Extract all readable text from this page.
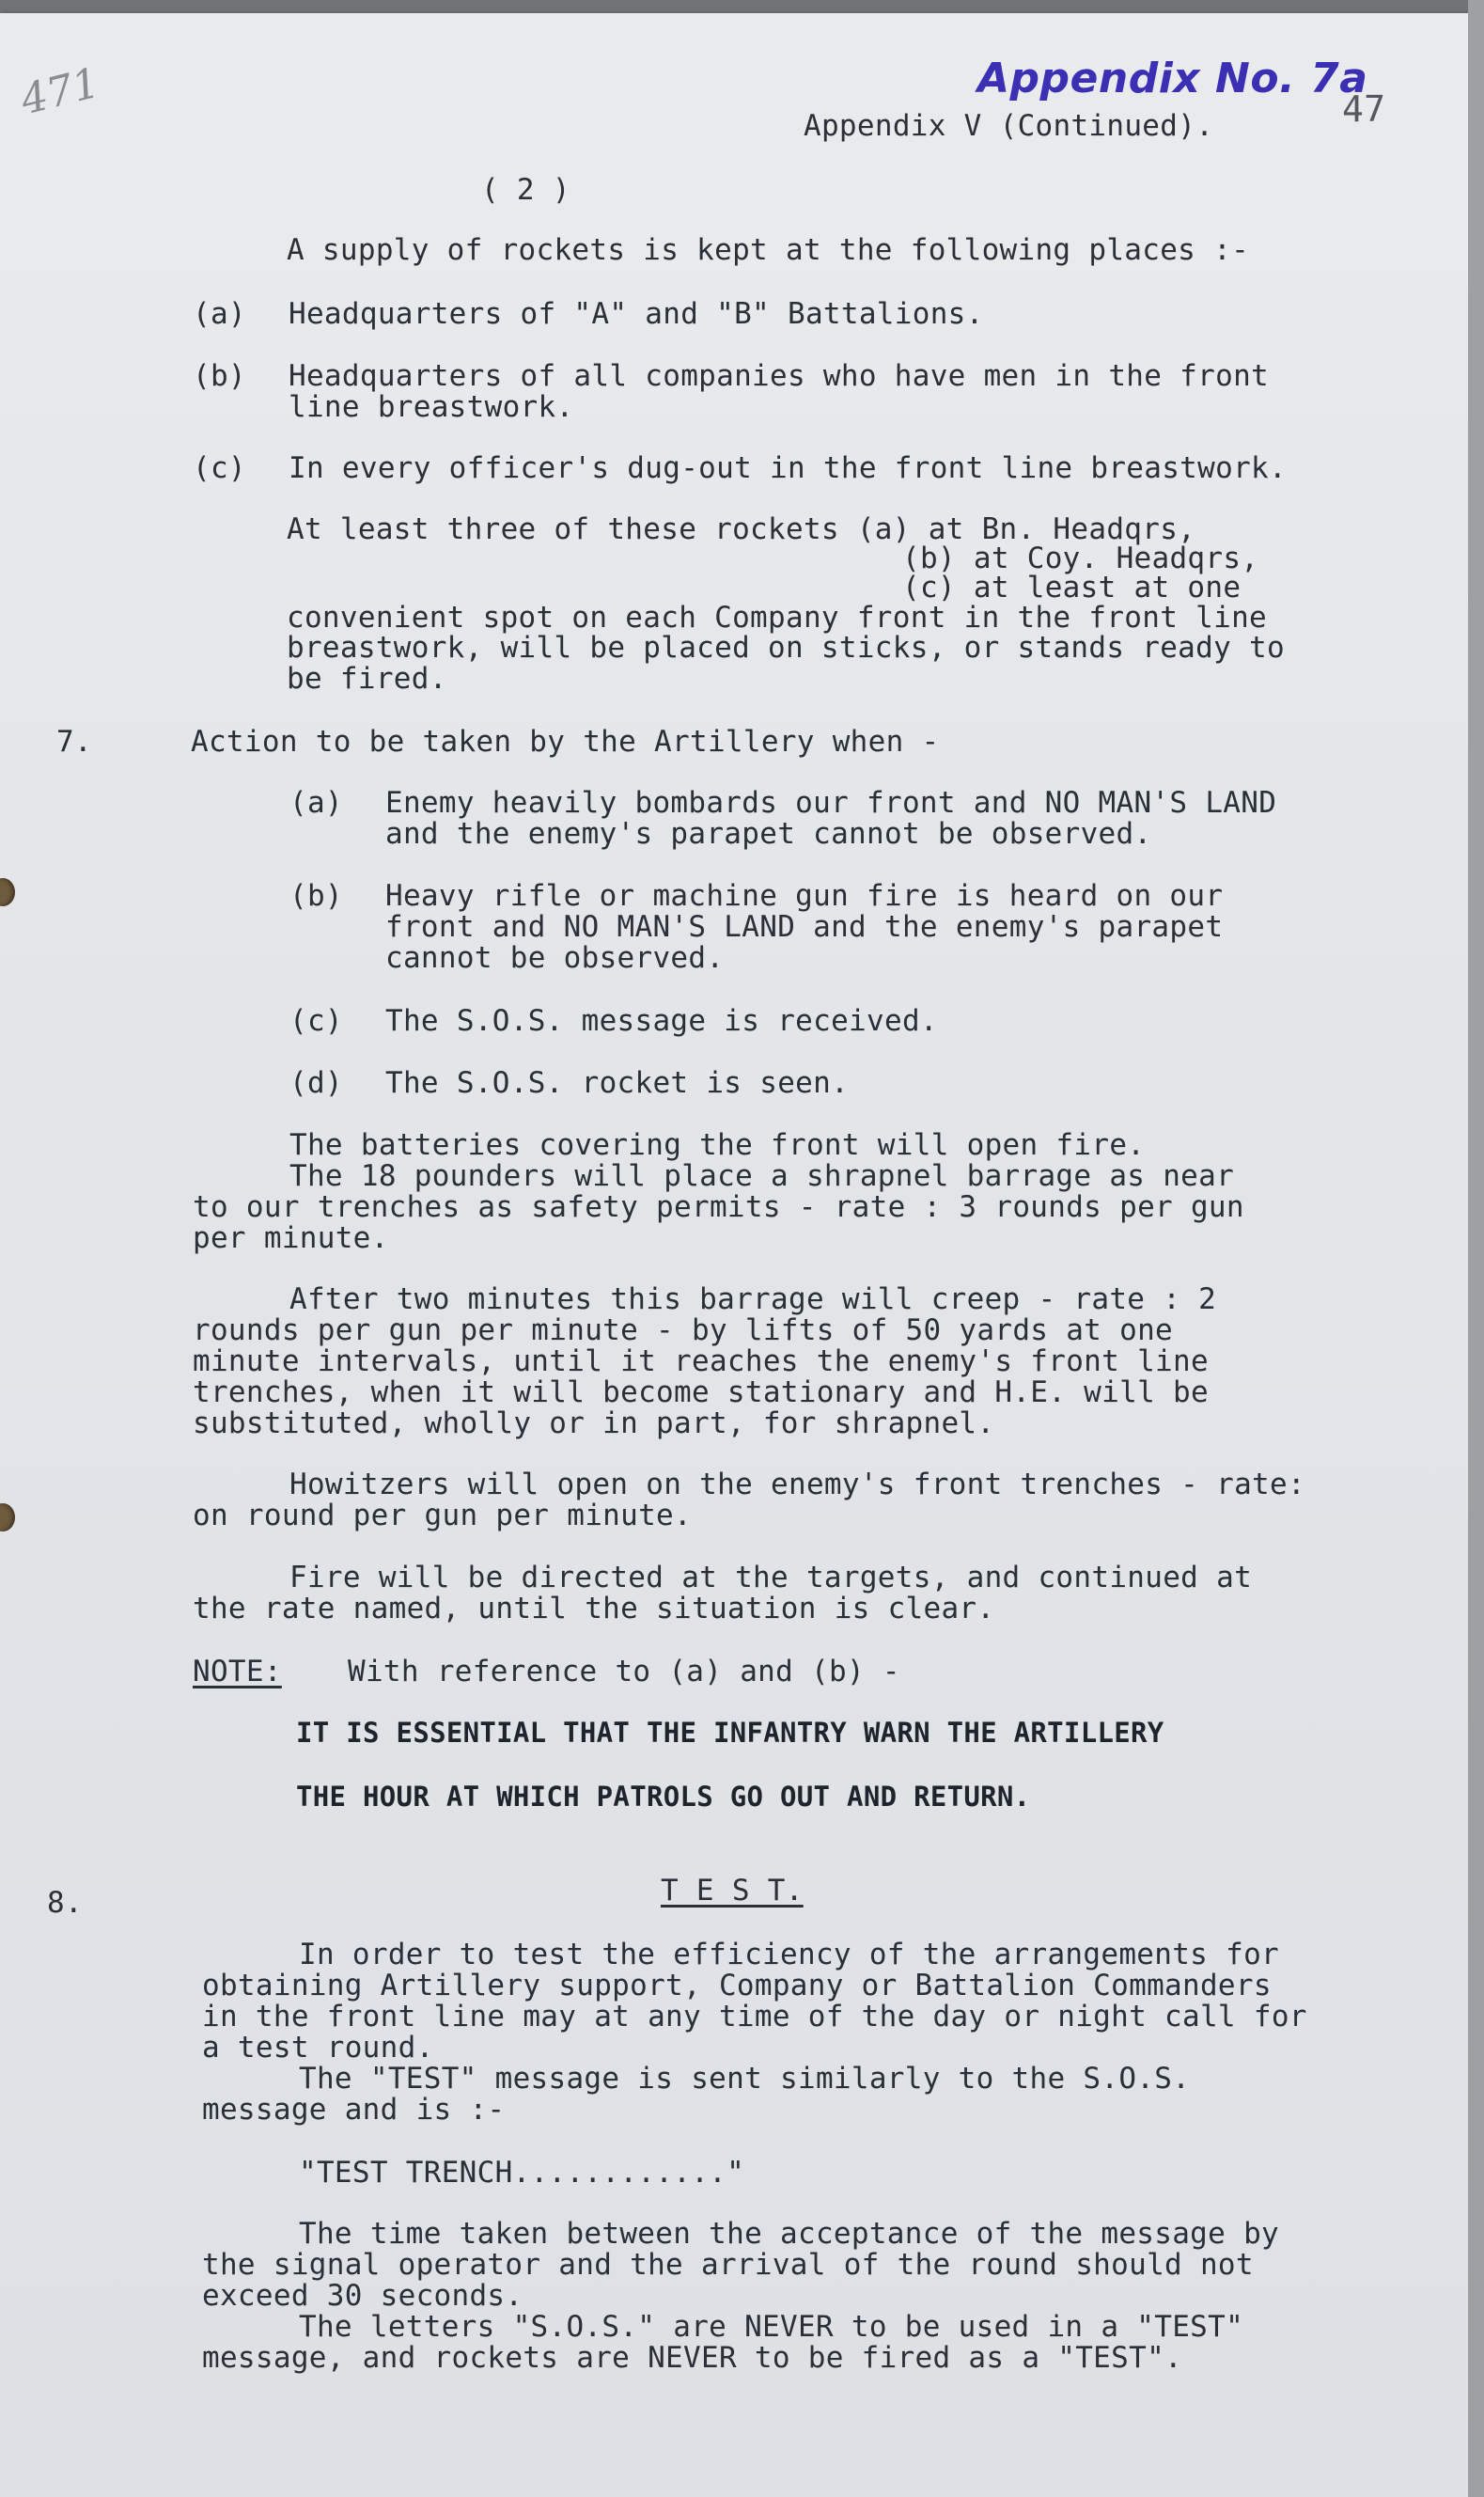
471	Appendix No. 7a
47
Appendix V (Continued).
( 2 )
A supply of rockets is kept at the following places :-
(a) Headquarters of "A" and "B" Battalions.
(b) Headquarters of all companies who have men in the front
line breastwork.
(c) In every officer's dug-out in the front line breastwork.
At least three of these rockets (a) at Bn. Headqrs,
(b) at Coy. Headqrs,
(c) at least at one
convenient spot on each Company front in the front line
breastwork, will be placed on sticks, or stands ready to
be fired.
7.	Action to be taken by the Artillery when -
(a) Enemy heavily bombards our front and NO MAN'S LAND
and the enemy's parapet cannot be observed.
(b) Heavy rifle or machine gun fire is heard on our
front and NO MAN'S LAND and the enemy's parapet
cannot be observed.
(c) The S.O.S. message is received.
(d) The S.O.S. rocket is seen.
The batteries covering the front will open fire.
The 18 pounders will place a shrapnel barrage as near
to our trenches as safety permits - rate : 3 rounds per gun
per minute.
After two minutes this barrage will creep - rate : 2
rounds per gun per minute - by lifts of 50 yards at one
minute intervals, until it reaches the enemy's front line
trenches, when it will become stationary and H.E. will be
substituted, wholly or in part, for shrapnel.
Howitzers will open on the enemy's front trenches - rate:
on round per gun per minute.
Fire will be directed at the targets, and continued at
the rate named, until the situation is clear.
NOTE: With reference to (a) and (b) -
IT IS ESSENTIAL THAT THE INFANTRY WARN THE ARTILLERY
THE HOUR AT WHICH PATROLS GO OUT AND RETURN.
8.	T E S T.
In order to test the efficiency of the arrangements for
obtaining Artillery support, Company or Battalion Commanders
in the front line may at any time of the day or night call for
a test round.
The "TEST" message is sent similarly to the S.O.S.
message and is :-
"TEST TRENCH............"
The time taken between the acceptance of the message by
the signal operator and the arrival of the round should not
exceed 30 seconds.
The letters "S.O.S." are NEVER to be used in a "TEST"
message, and rockets are NEVER to be fired as a "TEST".
